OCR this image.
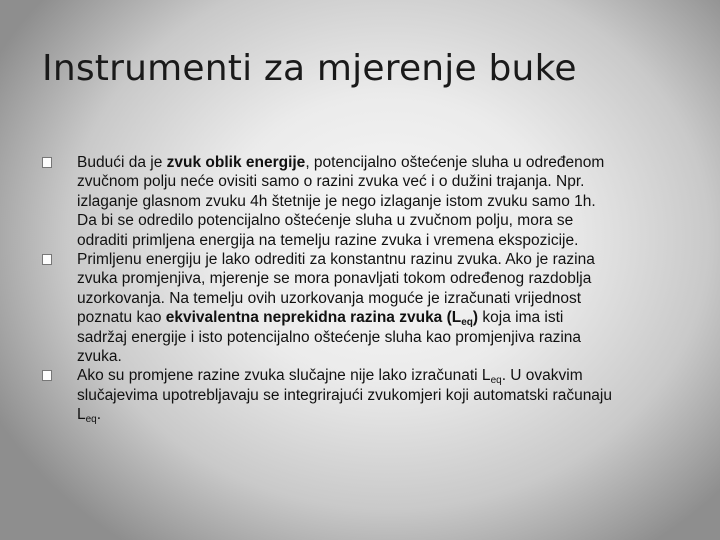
Instrumenti za mjerenje buke
Budući da je zvuk oblik energije, potencijalno oštećenje sluha u određenom zvučnom polju neće ovisiti samo o razini zvuka već i o dužini trajanja. Npr. izlaganje glasnom zvuku 4h štetnije je nego izlaganje istom zvuku samo 1h. Da bi se odredilo potencijalno oštećenje sluha u zvučnom polju, mora se odraditi primljena energija na temelju razine zvuka i vremena ekspozicije.
Primljenu energiju je lako odrediti za konstantnu razinu zvuka. Ako je razina zvuka promjenjiva, mjerenje se mora ponavljati tokom određenog razdoblja uzorkovanja. Na temelju ovih uzorkovanja moguće je izračunati vrijednost poznatu kao ekvivalentna neprekidna razina zvuka $(L_{eq})$ koja ima isti sadržaj energije i isto potencijalno oštećenje sluha kao promjenjiva razina zvuka.
Ako su promjene razine zvuka slučajne nije lako izračunati $L_{eq}$. U ovakvim slučajevima upotrebljavaju se integrirajući zvukomjeri koji automatski računaju $L_{eq}$.
